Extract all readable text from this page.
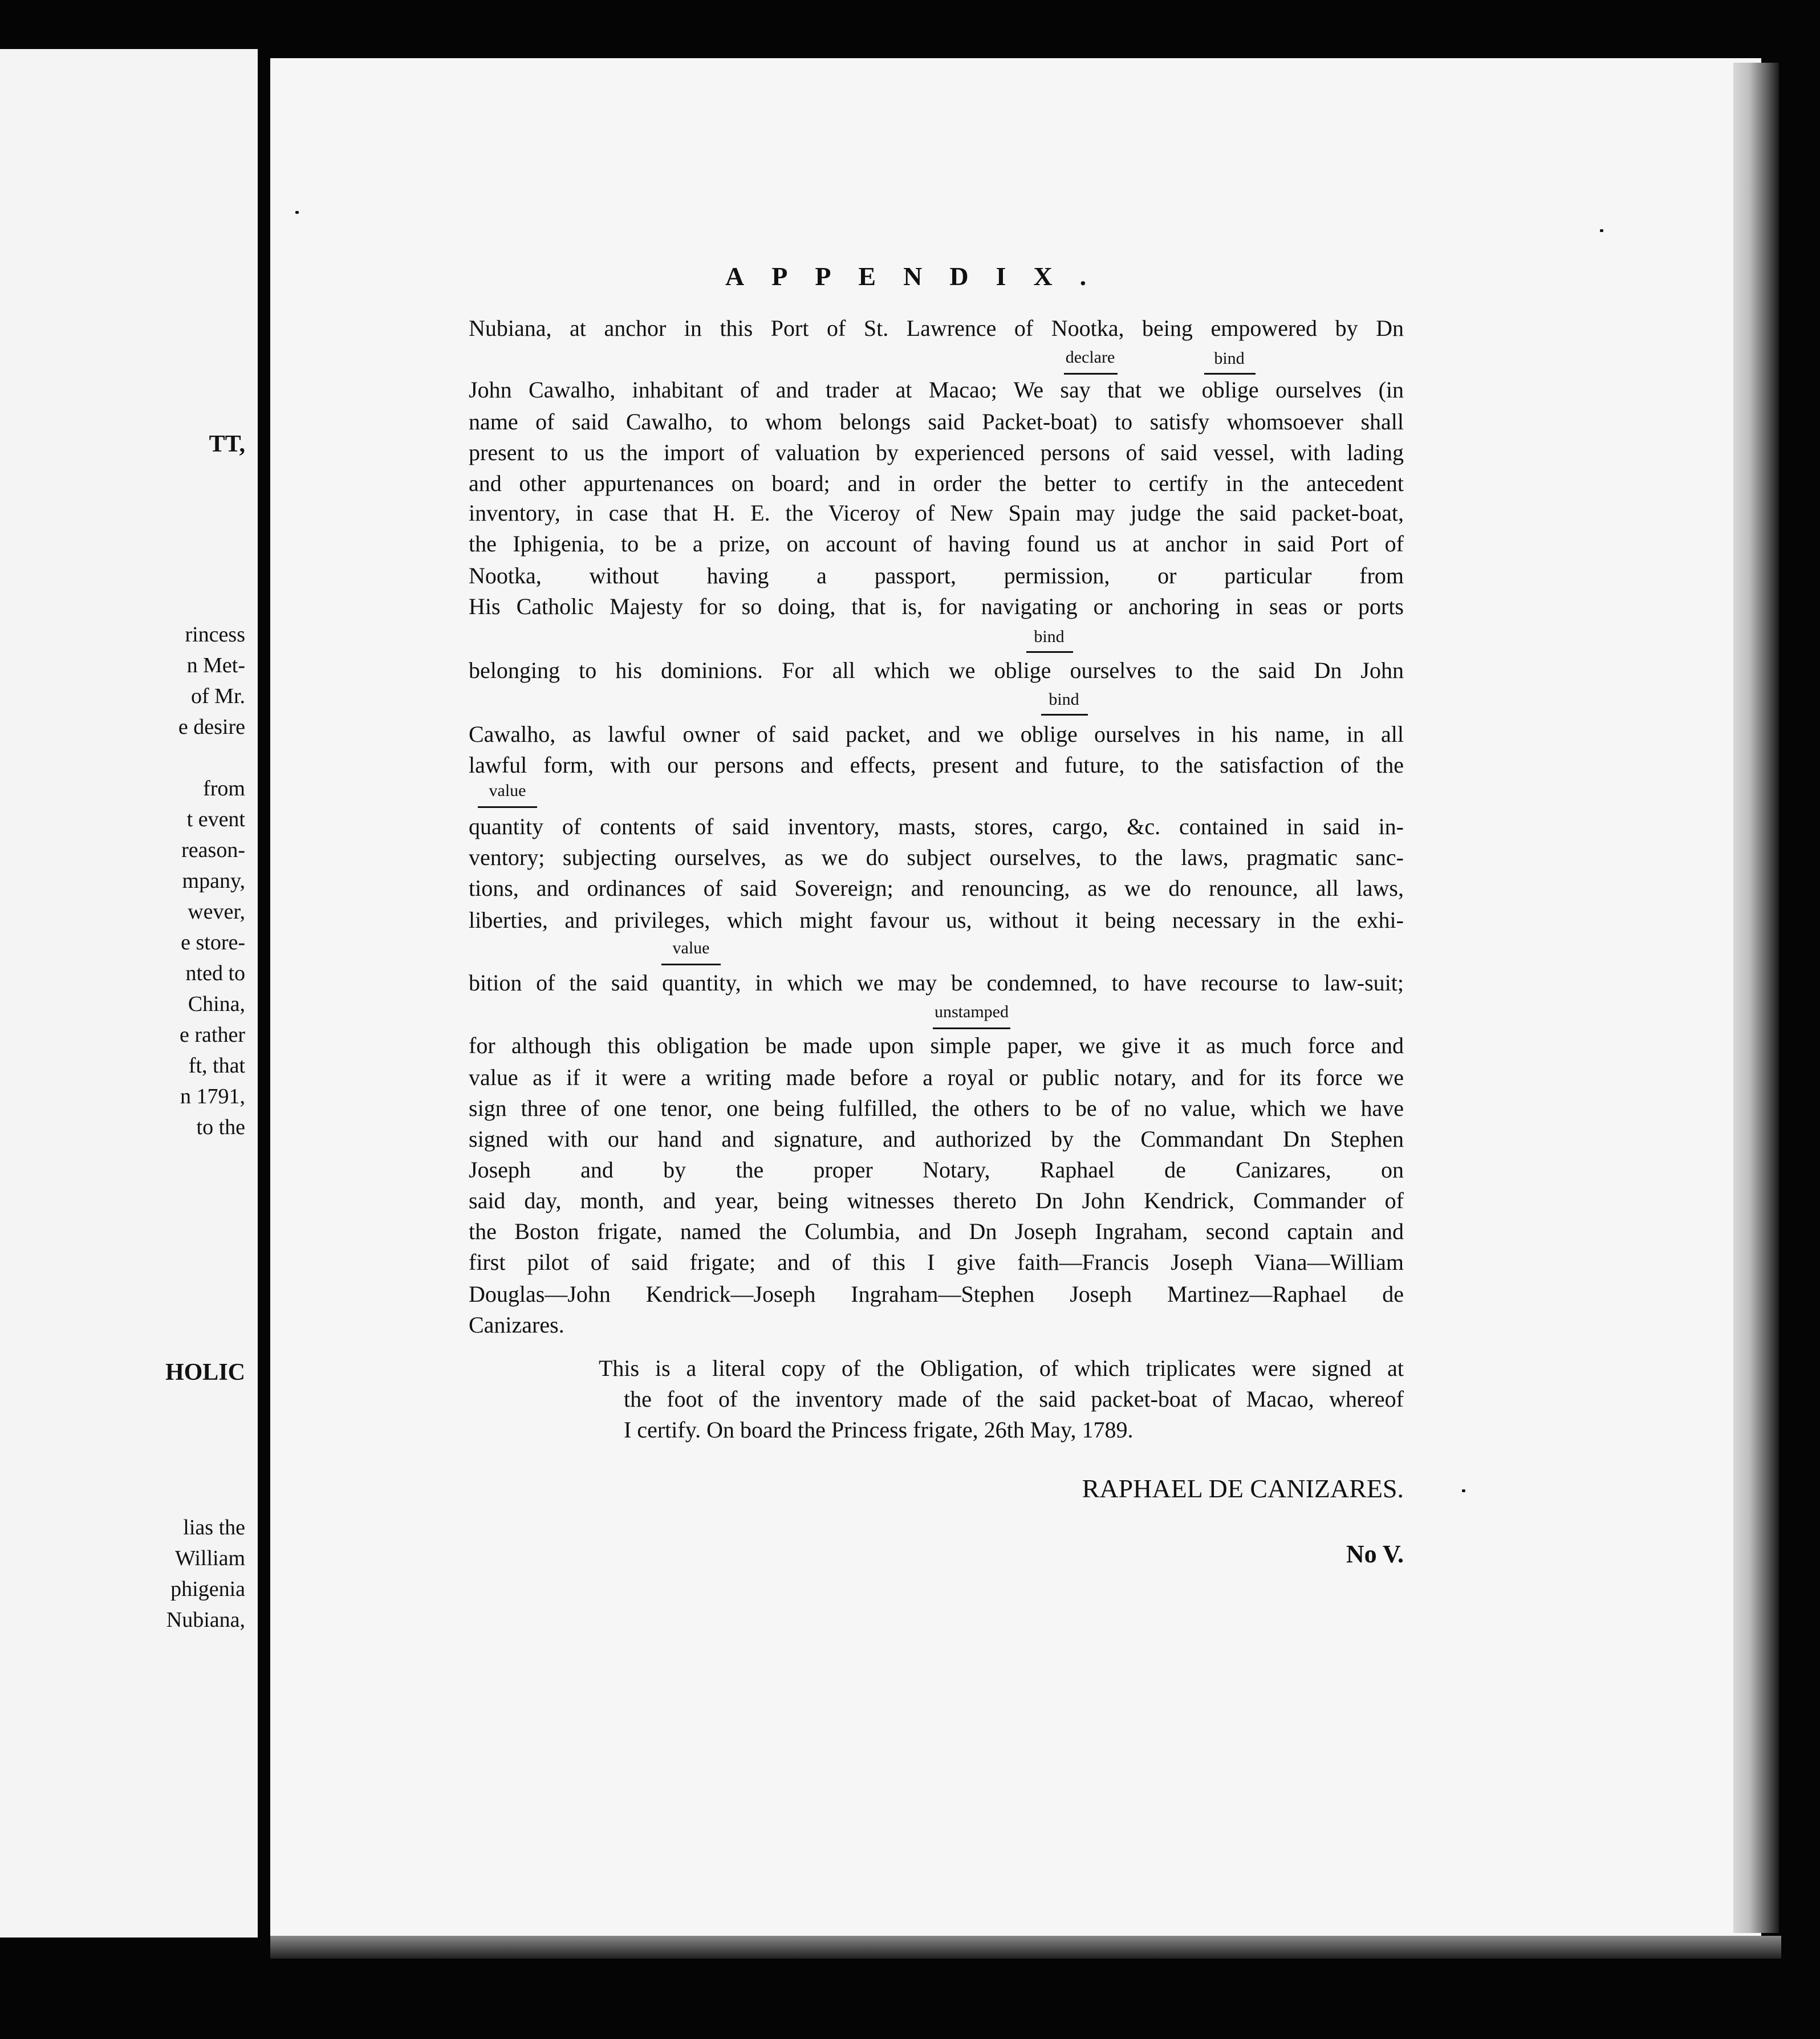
TT,
rincess
n Met-
of Mr.
e desire
from
t event
reason-
mpany,
wever,
e store-
nted to
China,
e rather
ft, that
n 1791,
to the
HOLIC
lias the
William
phigenia
Nubiana,
APPENDIX.
Nubiana, at anchor in this Port of St. Lawrence of Nootka, being empowered by Dn
John Cawalho, inhabitant of and trader at Macao; We say that we oblige ourselves (in
name of said Cawalho, to whom belongs said Packet-boat) to satisfy whomsoever shall
present to us the import of valuation by experienced persons of said vessel, with lading
and other appurtenances on board; and in order the better to certify in the antecedent
inventory, in case that H. E. the Viceroy of New Spain may judge the said packet-boat,
the Iphigenia, to be a prize, on account of having found us at anchor in said Port of
Nootka, without having a passport, permission, or particular from
His Catholic Majesty for so doing, that is, for navigating or anchoring in seas or ports
belonging to his dominions. For all which we oblige ourselves to the said Dn John
Cawalho, as lawful owner of said packet, and we oblige ourselves in his name, in all
lawful form, with our persons and effects, present and future, to the satisfaction of the
quantity of contents of said inventory, masts, stores, cargo, &c. contained in said in-
ventory; subjecting ourselves, as we do subject ourselves, to the laws, pragmatic sanc-
tions, and ordinances of said Sovereign; and renouncing, as we do renounce, all laws,
liberties, and privileges, which might favour us, without it being necessary in the exhi-
bition of the said quantity, in which we may be condemned, to have recourse to law-suit;
for although this obligation be made upon simple paper, we give it as much force and
value as if it were a writing made before a royal or public notary, and for its force we
sign three of one tenor, one being fulfilled, the others to be of no value, which we have
signed with our hand and signature, and authorized by the Commandant Dn Stephen
Joseph and by the proper Notary, Raphael de Canizares, on
said day, month, and year, being witnesses thereto Dn John Kendrick, Commander of
the Boston frigate, named the Columbia, and Dn Joseph Ingraham, second captain and
first pilot of said frigate; and of this I give faith—Francis Joseph Viana—William
Douglas—John Kendrick—Joseph Ingraham—Stephen Joseph Martinez—Raphael de
Canizares.
This is a literal copy of the Obligation, of which triplicates were signed at
the foot of the inventory made of the said packet-boat of Macao, whereof
I certify. On board the Princess frigate, 26th May, 1789.
declare	bind
bind
bind
value
value
unstamped
RAPHAEL DE CANIZARES.
No V.
